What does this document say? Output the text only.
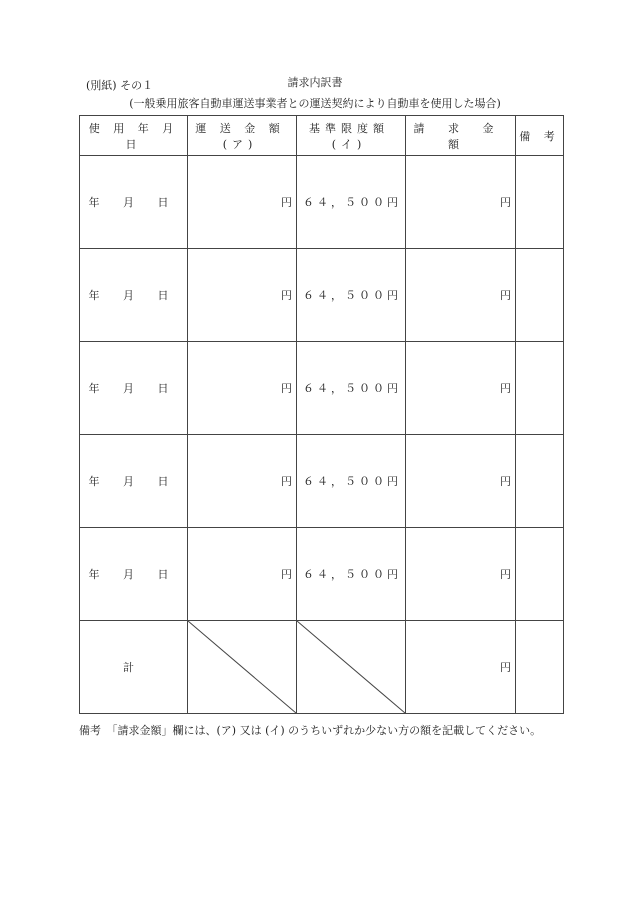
(別紙) その１	請求内訳書
(一般乗用旅客自動車運送事業者との運送契約により自動車を使用した場合)
使 用 年 月 日	運 送 金 額 (ア)	基準限度額 (イ)	請 求 金 額	備 考
年 月 日	円	６４，５００円	円	
年 月 日	円	６４，５００円	円	
年 月 日	円	６４，５００円	円	
年 月 日	円	６４，５００円	円	
年 月 日	円	６４，５００円	円	
計			円	
備考　「請求金額」欄には、(ア) 又は (イ) のうちいずれか少ない方の額を記載してください。
